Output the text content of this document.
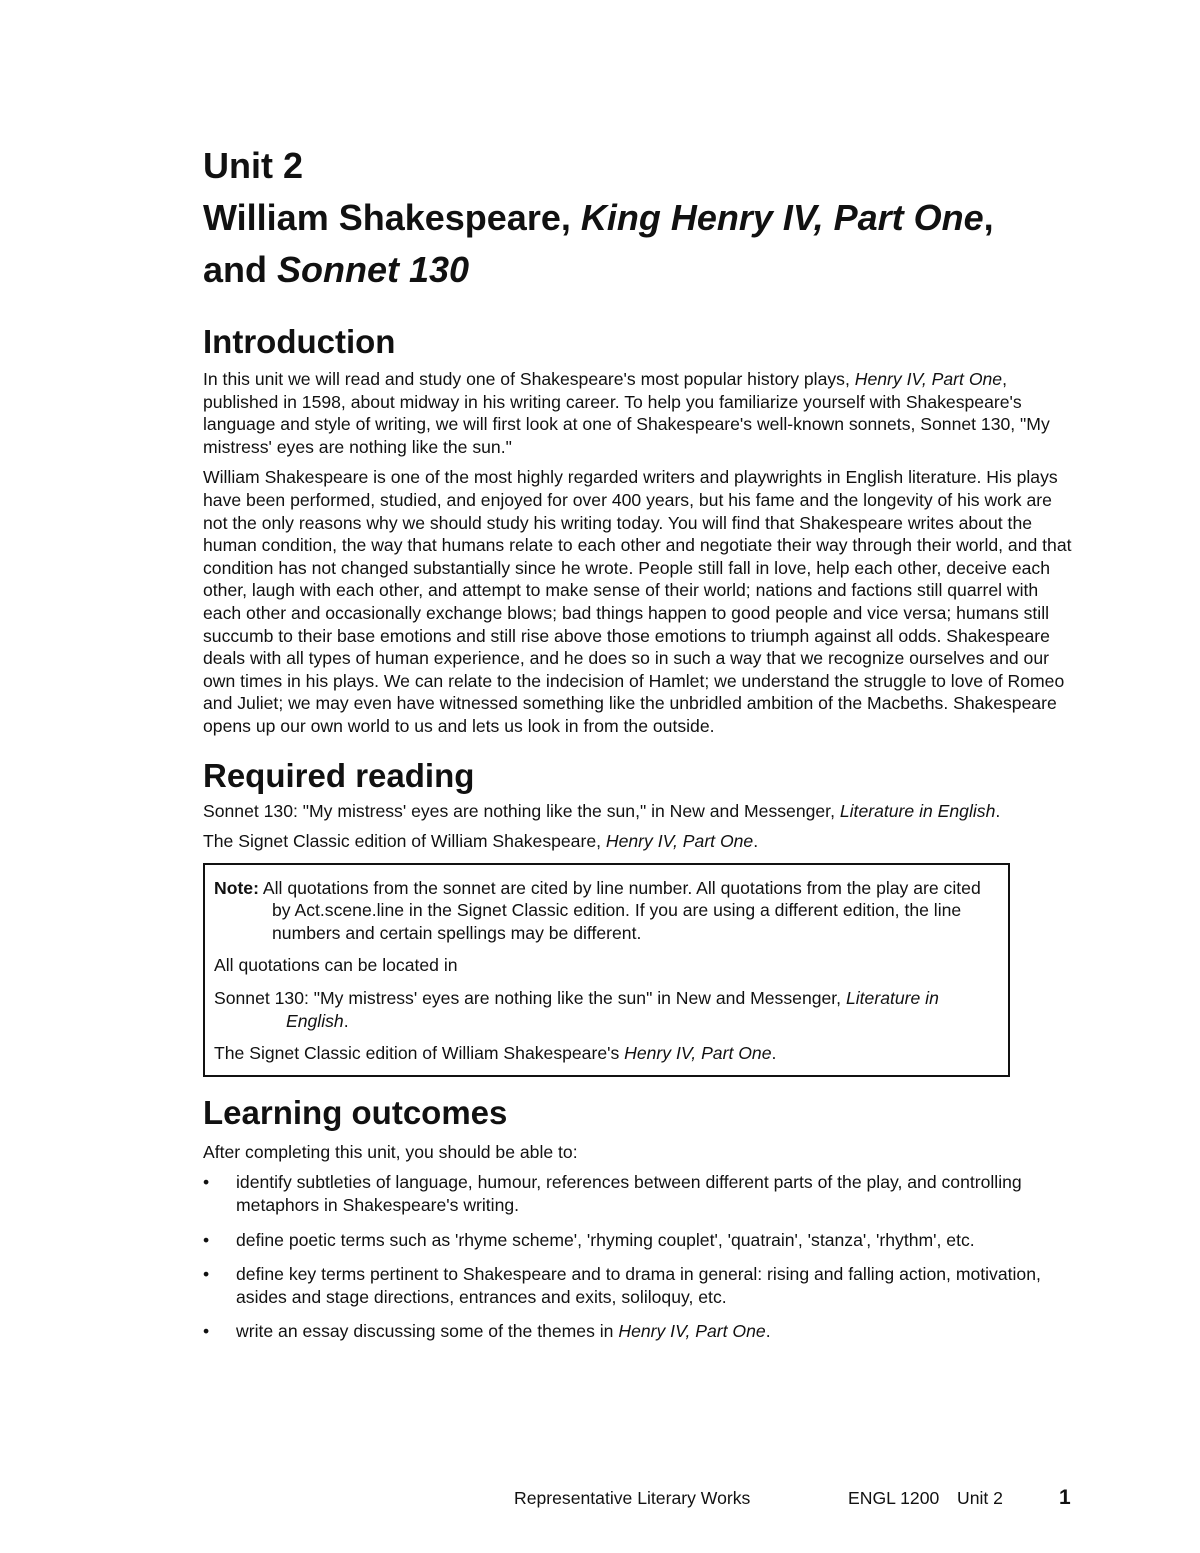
Unit 2
William Shakespeare, King Henry IV, Part One,
and Sonnet 130
Introduction

In this unit we will read and study one of Shakespeare's most popular history plays, Henry IV, Part One, published in 1598, about midway in his writing career. To help you familiarize yourself with Shakespeare's language and style of writing, we will first look at one of Shakespeare's well-known sonnets, Sonnet 130, "My mistress' eyes are nothing like the sun."

William Shakespeare is one of the most highly regarded writers and playwrights in English literature. His plays have been performed, studied, and enjoyed for over 400 years, but his fame and the longevity of his work are not the only reasons why we should study his writing today. You will find that Shakespeare writes about the human condition, the way that humans relate to each other and negotiate their way through their world, and that condition has not changed substantially since he wrote. People still fall in love, help each other, deceive each other, laugh with each other, and attempt to make sense of their world; nations and factions still quarrel with each other and occasionally exchange blows; bad things happen to good people and vice versa; humans still succumb to their base emotions and still rise above those emotions to triumph against all odds. Shakespeare deals with all types of human experience, and he does so in such a way that we recognize ourselves and our own times in his plays. We can relate to the indecision of Hamlet; we understand the struggle to love of Romeo and Juliet; we may even have witnessed something like the unbridled ambition of the Macbeths. Shakespeare opens up our own world to us and lets us look in from the outside.

Required reading

Sonnet 130: "My mistress' eyes are nothing like the sun," in New and Messenger, Literature in English.

The Signet Classic edition of William Shakespeare, Henry IV, Part One.

Note: All quotations from the sonnet are cited by line number. All quotations from the play are cited by Act.scene.line in the Signet Classic edition. If you are using a different edition, the line numbers and certain spellings may be different.

All quotations can be located in

Sonnet 130: "My mistress' eyes are nothing like the sun" in New and Messenger, Literature in English.

The Signet Classic edition of William Shakespeare's Henry IV, Part One.

Learning outcomes

After completing this unit, you should be able to:

• identify subtleties of language, humour, references between different parts of the play, and controlling metaphors in Shakespeare's writing.
• define poetic terms such as 'rhyme scheme', 'rhyming couplet', 'quatrain', 'stanza', 'rhythm', etc.
• define key terms pertinent to Shakespeare and to drama in general: rising and falling action, motivation, asides and stage directions, entrances and exits, soliloquy, etc.
• write an essay discussing some of the themes in Henry IV, Part One.
Representative Literary Works	ENGL 1200 Unit 2	1
